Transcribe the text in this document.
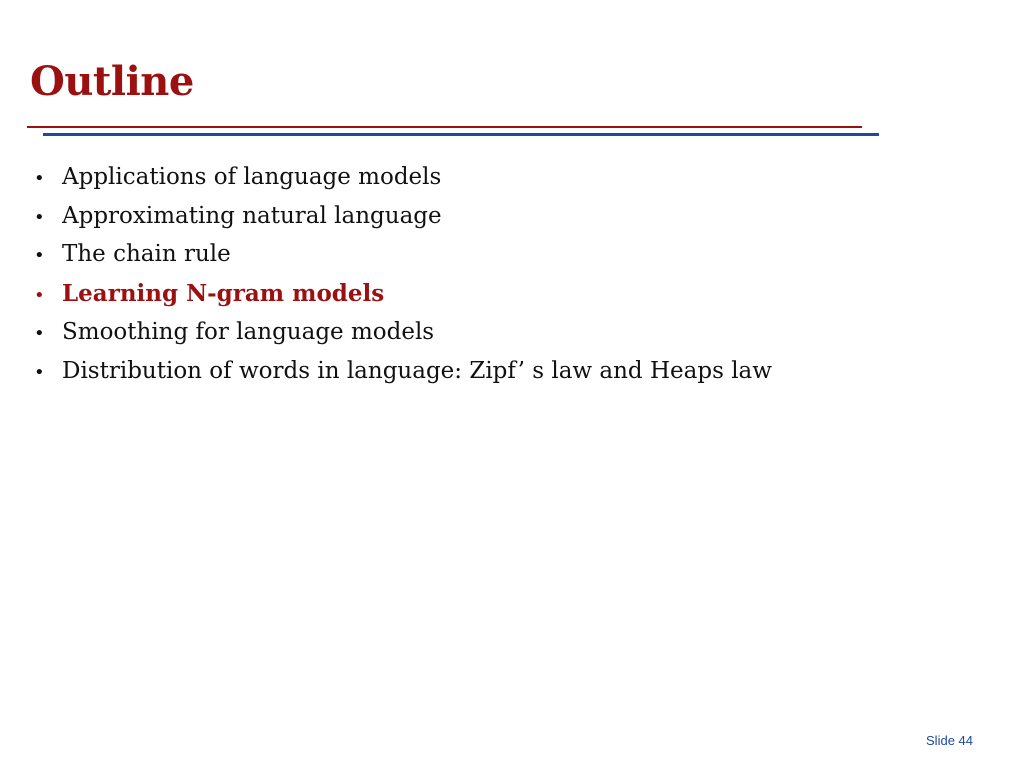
Outline
• Applications of language models
• Approximating natural language
• The chain rule
• Learning N-gram models
• Smoothing for language models
• Distribution of words in language: Zipf’ s law and Heaps law
Slide 44
